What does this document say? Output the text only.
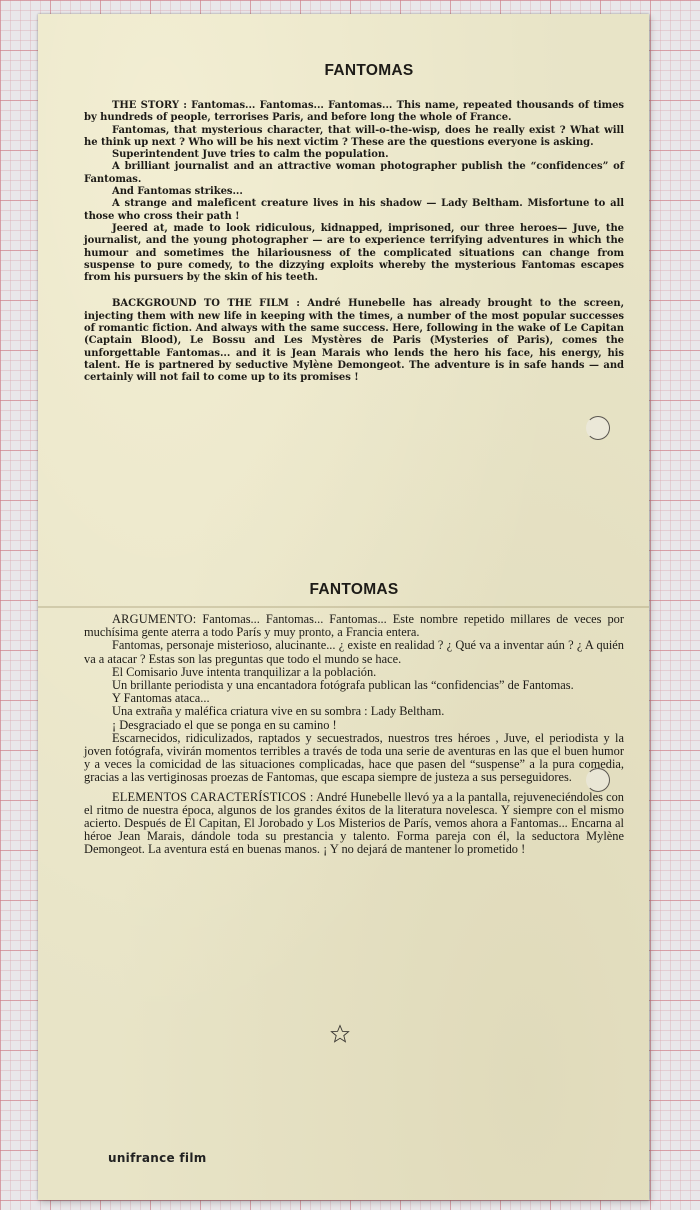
FANTOMAS

THE STORY : Fantomas... Fantomas... Fantomas... This name, repeated thousands of times by hundreds of people, terrorises Paris, and before long the whole of France.

Fantomas, that mysterious character, that will-o-the-wisp, does he really exist ? What will he think up next ? Who will be his next victim ? These are the questions everyone is asking.

Superintendent Juve tries to calm the population.

A brilliant journalist and an attractive woman photographer publish the “confidences” of Fantomas.

And Fantomas strikes...

A strange and maleficent creature lives in his shadow — Lady Beltham. Misfortune to all those who cross their path !

Jeered at, made to look ridiculous, kidnapped, imprisoned, our three heroes— Juve, the journalist, and the young photographer — are to experience terrifying adventures in which the humour and sometimes the hilariousness of the complicated situations can change from suspense to pure comedy, to the dizzying exploits whereby the mysterious Fantomas escapes from his pursuers by the skin of his teeth.

BACKGROUND TO THE FILM : André Hunebelle has already brought to the screen, injecting them with new life in keeping with the times, a number of the most popular successes of romantic fiction. And always with the same success. Here, following in the wake of Le Capitan (Captain Blood), Le Bossu and Les Mystères de Paris (Mysteries of Paris), comes the unforgettable Fantomas... and it is Jean Marais who lends the hero his face, his energy, his talent. He is partnered by seductive Mylène Demongeot. The adventure is in safe hands — and certainly will not fail to come up to its promises !

FANTOMAS

ARGUMENTO: Fantomas... Fantomas... Fantomas... Este nombre repetido millares de veces por muchísima gente aterra a todo París y muy pronto, a Francia entera.

Fantomas, personaje misterioso, alucinante... ¿ existe en realidad ? ¿ Qué va a inventar aún ? ¿ A quién va a atacar ? Estas son las preguntas que todo el mundo se hace.

El Comisario Juve intenta tranquilizar a la población.

Un brillante periodista y una encantadora fotógrafa publican las “confidencias” de Fantomas.

Y Fantomas ataca...

Una extraña y maléfica criatura vive en su sombra : Lady Beltham.

¡ Desgraciado el que se ponga en su camino !

Escarnecidos, ridiculizados, raptados y secuestrados, nuestros tres héroes , Juve, el periodista y la joven fotógrafa, vivirán momentos terribles a través de toda una serie de aventuras en las que el buen humor y a veces la comicidad de las situaciones complicadas, hace que pasen del “suspense” a la pura comedia, gracias a las vertiginosas proezas de Fantomas, que escapa siempre de justeza a sus perseguidores.

ELEMENTOS CARACTERÍSTICOS : André Hunebelle llevó ya a la pantalla, rejuveneciéndoles con el ritmo de nuestra época, algunos de los grandes éxitos de la literatura novelesca. Y siempre con el mismo acierto. Después de El Capitan, El Jorobado y Los Misterios de París, vemos ahora a Fantomas... Encarna al héroe Jean Marais, dándole toda su prestancia y talento. Forma pareja con él, la seductora Mylène Demongeot. La aventura está en buenas manos. ¡ Y no dejará de mantener lo prometido !

unifrance film
